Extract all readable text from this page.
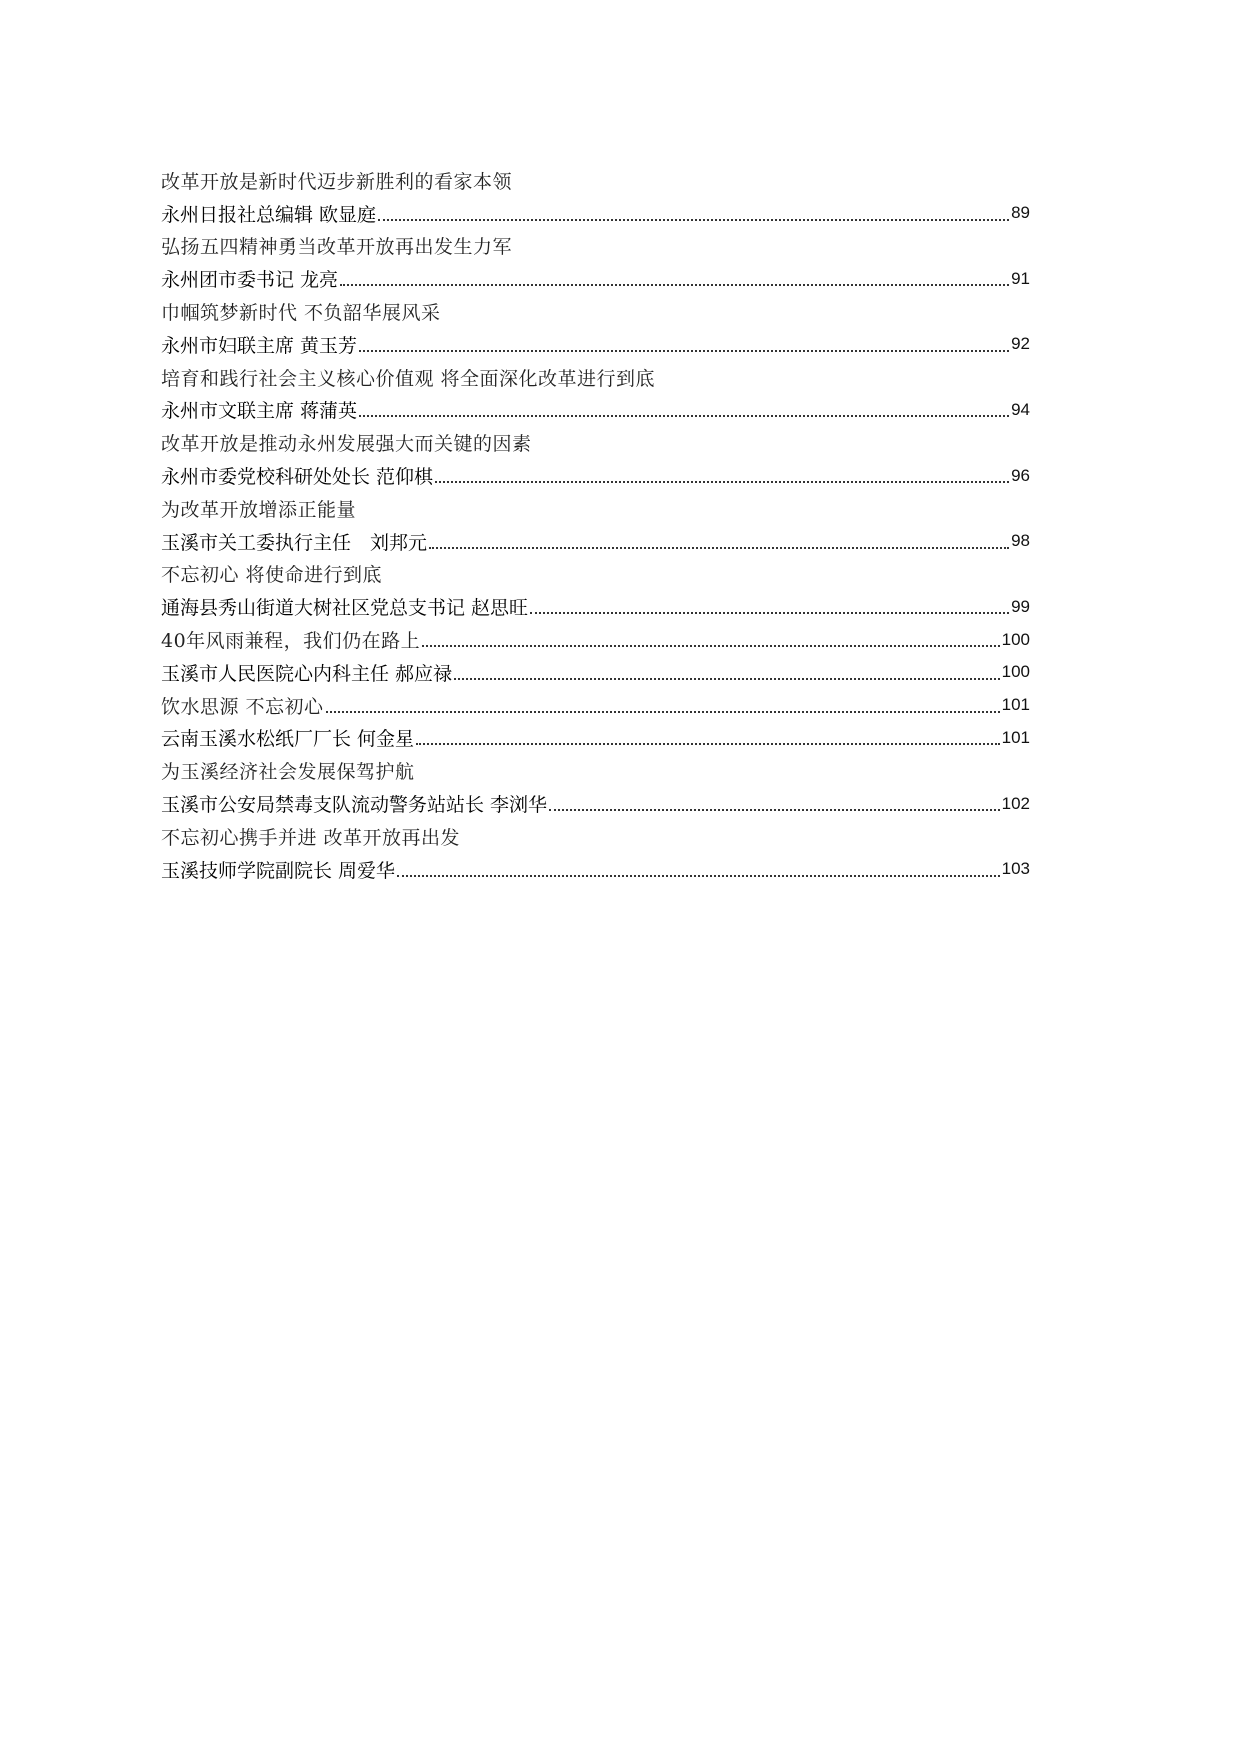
改革开放是新时代迈步新胜利的看家本领
永州日报社总编辑 欧显庭	89
弘扬五四精神勇当改革开放再出发生力军
永州团市委书记 龙亮	91
巾帼筑梦新时代 不负韶华展风采
永州市妇联主席 黄玉芳	92
培育和践行社会主义核心价值观 将全面深化改革进行到底
永州市文联主席 蒋蒲英	94
改革开放是推动永州发展强大而关键的因素
永州市委党校科研处处长 范仰棋	96
为改革开放增添正能量
玉溪市关工委执行主任　刘邦元	98
不忘初心 将使命进行到底
通海县秀山街道大树社区党总支书记 赵思旺	99
40年风雨兼程，我们仍在路上	100
玉溪市人民医院心内科主任 郝应禄	100
饮水思源 不忘初心	101
云南玉溪水松纸厂厂长 何金星	101
为玉溪经济社会发展保驾护航
玉溪市公安局禁毒支队流动警务站站长 李浏华	102
不忘初心携手并进 改革开放再出发
玉溪技师学院副院长 周爱华	103
